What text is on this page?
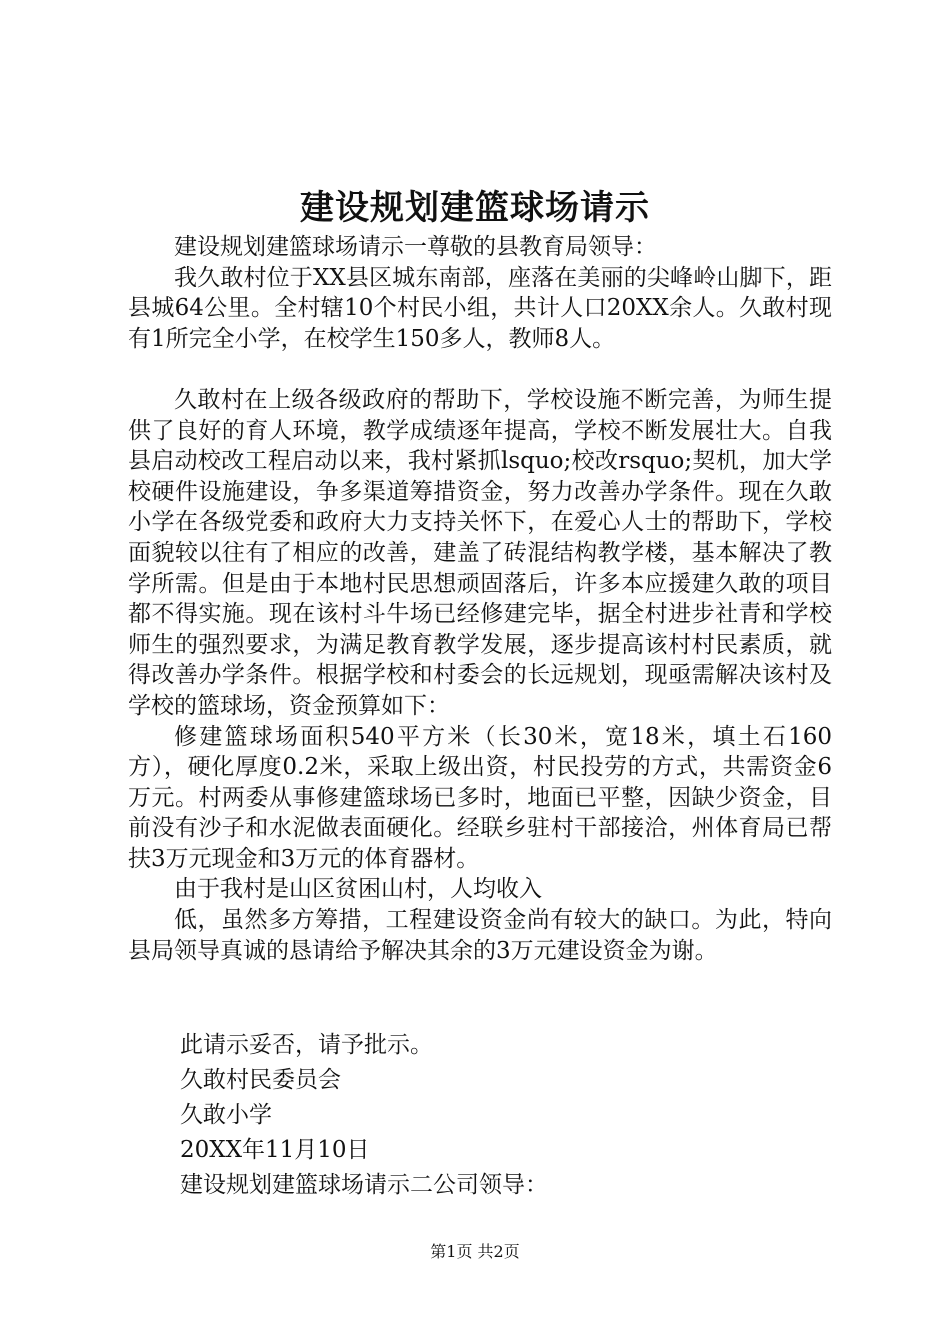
建设规划建篮球场请示

建设规划建篮球场请示一尊敬的县教育局领导：

我久敢村位于XX县区城东南部，座落在美丽的尖峰岭山脚下，距县城64公里。全村辖10个村民小组，共计人口20XX余人。久敢村现有1所完全小学，在校学生150多人，教师8人。

久敢村在上级各级政府的帮助下，学校设施不断完善，为师生提供了良好的育人环境，教学成绩逐年提高，学校不断发展壮大。自我县启动校改工程启动以来，我村紧抓lsquo;校改rsquo;契机，加大学校硬件设施建设，争多渠道筹措资金，努力改善办学条件。现在久敢小学在各级党委和政府大力支持关怀下，在爱心人士的帮助下，学校面貌较以往有了相应的改善，建盖了砖混结构教学楼，基本解决了教学所需。但是由于本地村民思想顽固落后，许多本应援建久敢的项目都不得实施。现在该村斗牛场已经修建完毕，据全村进步社青和学校师生的强烈要求，为满足教育教学发展，逐步提高该村村民素质，就得改善办学条件。根据学校和村委会的长远规划，现亟需解决该村及学校的篮球场，资金预算如下：

修建篮球场面积540平方米（长30米，宽18米，填土石160方），硬化厚度0.2米，采取上级出资，村民投劳的方式，共需资金6万元。村两委从事修建篮球场已多时，地面已平整，因缺少资金，目前没有沙子和水泥做表面硬化。经联乡驻村干部接洽，州体育局已帮扶3万元现金和3万元的体育器材。

由于我村是山区贫困山村，人均收入

低，虽然多方筹措，工程建设资金尚有较大的缺口。为此，特向县局领导真诚的恳请给予解决其余的3万元建设资金为谢。

此请示妥否，请予批示。
久敢村民委员会
久敢小学
20XX年11月10日
建设规划建篮球场请示二公司领导：
第1页 共2页
